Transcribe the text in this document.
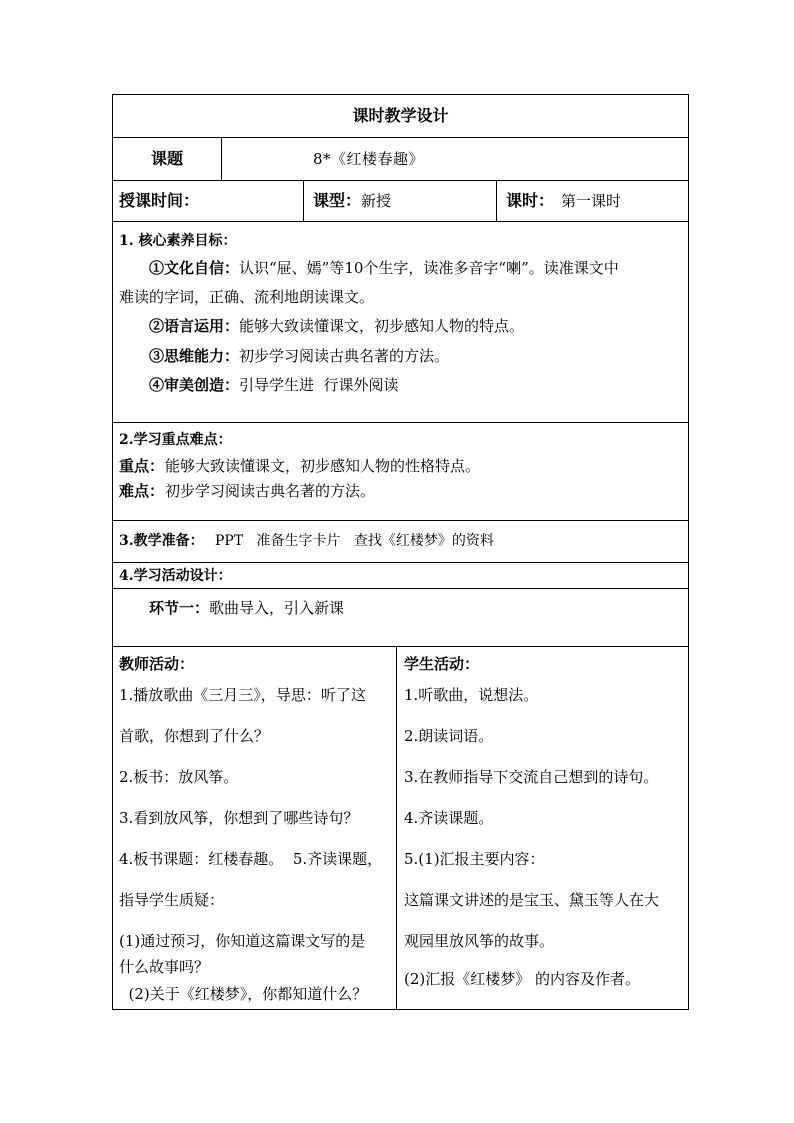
课时教学设计
课题	8*《红楼春趣》
授课时间：	课型： 新授	课时： 第一课时
1. 核心素养目标：
①文化自信： 认识“屉、嫣”等10个生字，读准多音字“喇”。读准课文中
难读的字词，正确、流利地朗读课文。
②语言运用： 能够大致读懂课文，初步感知人物的特点。
③思维能力： 初步学习阅读古典名著的方法。
④审美创造： 引导学生进  行课外阅读
2.学习重点难点：
重点： 能够大致读懂课文，初步感知人物的性格特点。
难点： 初步学习阅读古典名著的方法。
3.教学准备： PPT   准备生字卡片   查找《红楼梦》的资料
4.学习活动设计：
环节一： 歌曲导入，引入新课
教师活动：
1.播放歌曲《三月三》，导思：听了这
首歌，你想到了什么？
2.板书：放风筝。
3.看到放风筝，你想到了哪些诗句？
4.板书课题：红楼春趣。  5.齐读课题，
指导学生质疑：
(1)通过预习，你知道这篇课文写的是
什么故事吗？
(2)关于《红楼梦》，你都知道什么？
学生活动：
1.听歌曲，说想法。
2.朗读词语。
3.在教师指导下交流自己想到的诗句。
4.齐读课题。
5.(1)汇报主要内容：
这篇课文讲述的是宝玉、黛玉等人在大
观园里放风筝的故事。
(2)汇报《红楼梦》 的内容及作者。
